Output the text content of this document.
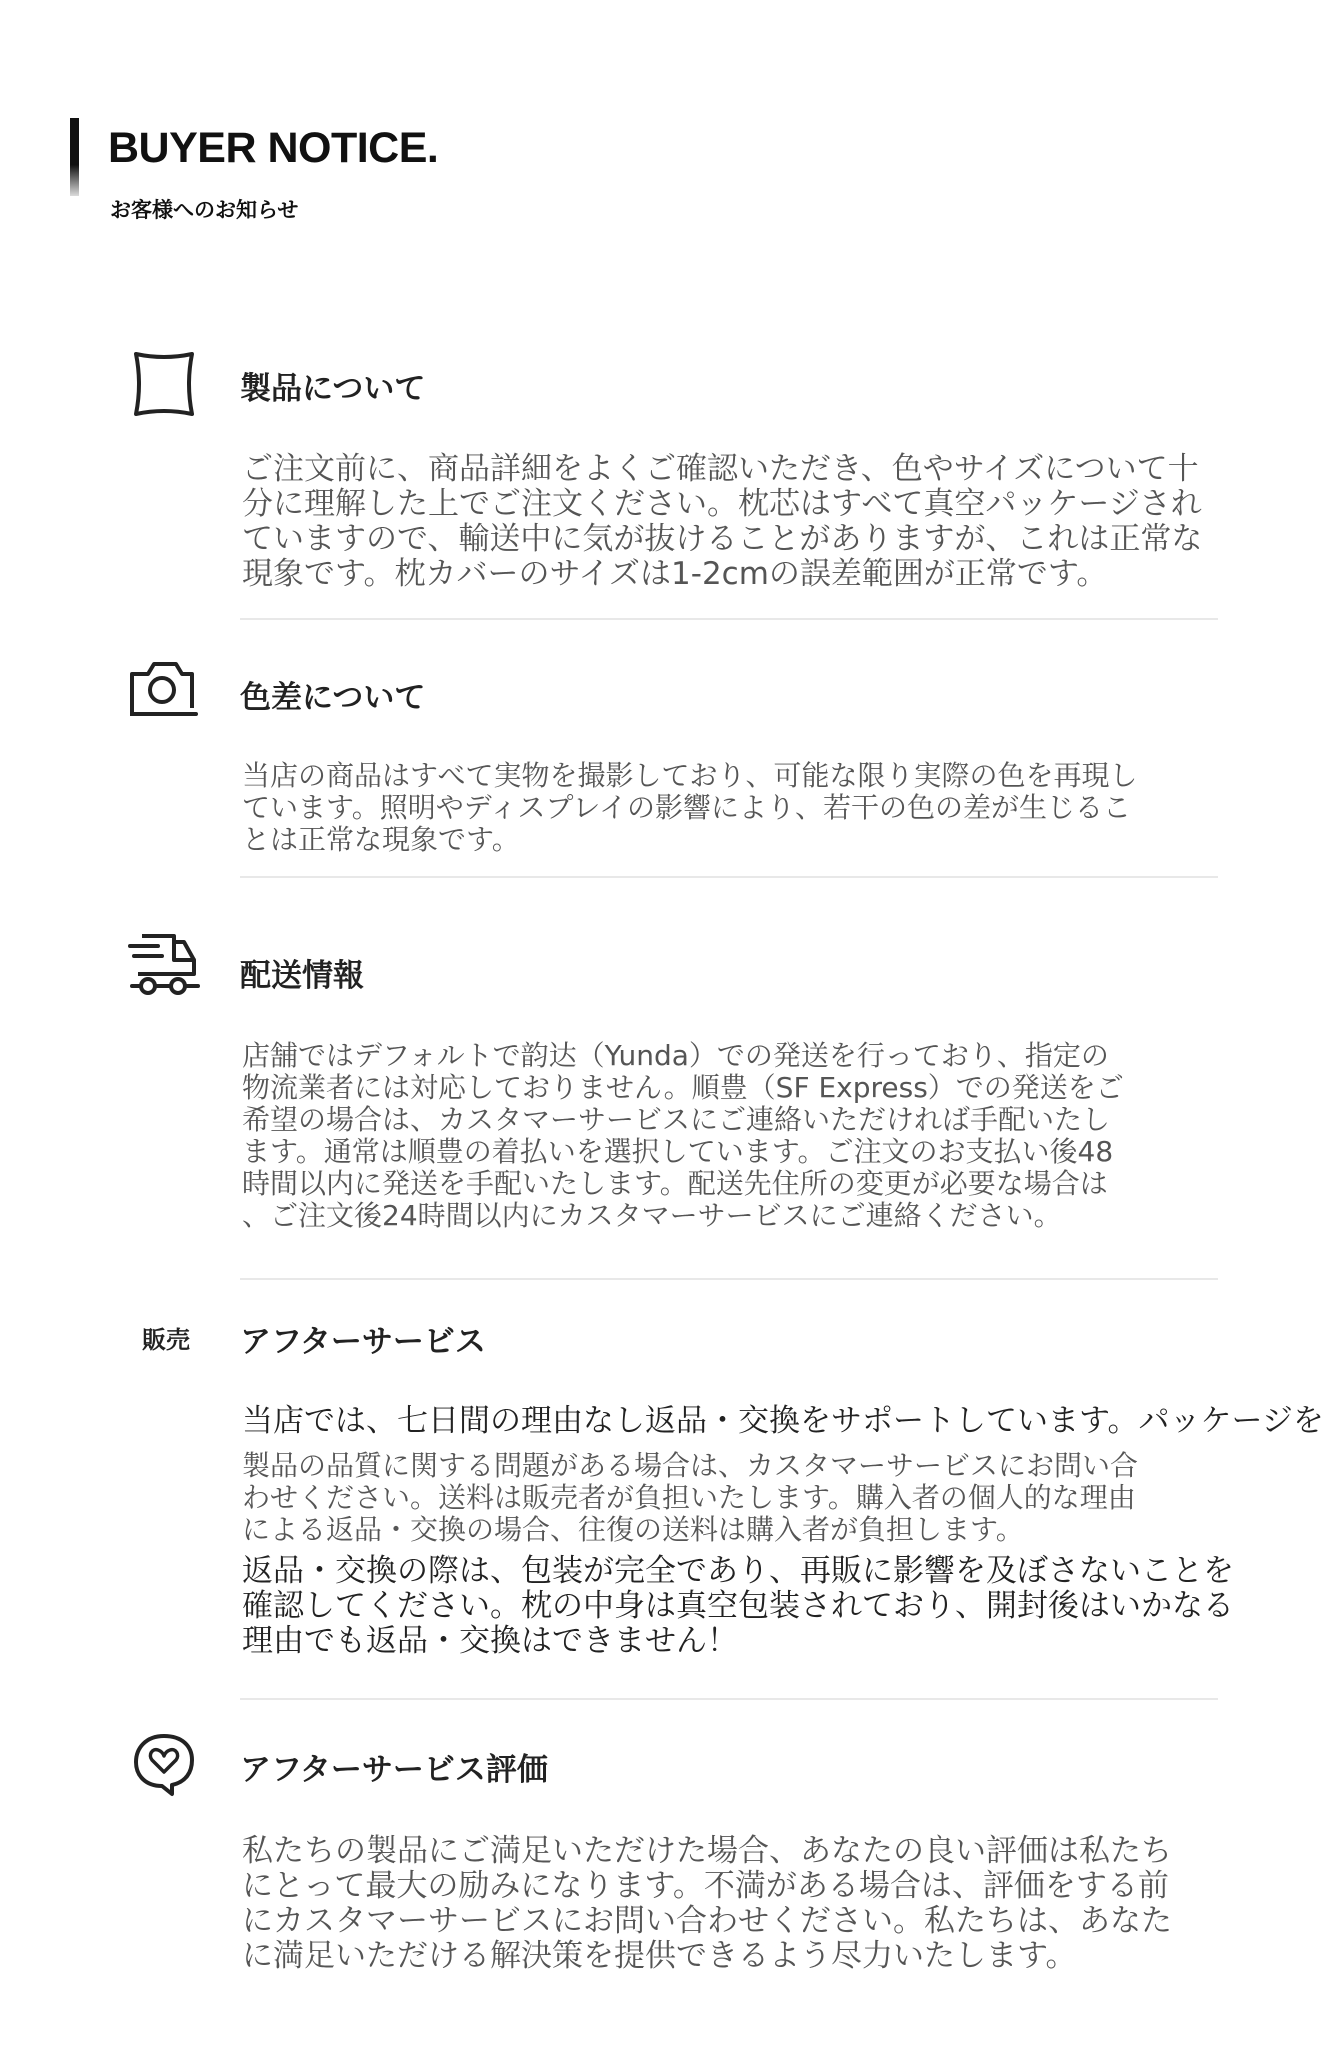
BUYER NOTICE.
お客様へのお知らせ
製品について
ご注文前に、商品詳細をよくご確認いただき、色やサイズについて十
分に理解した上でご注文ください。枕芯はすべて真空パッケージされ
ていますので、輸送中に気が抜けることがありますが、これは正常な
現象です。枕カバーのサイズは1-2cmの誤差範囲が正常です。
色差について
当店の商品はすべて実物を撮影しており、可能な限り実際の色を再現し
ています。照明やディスプレイの影響により、若干の色の差が生じるこ
とは正常な現象です。
配送情報
店舗ではデフォルトで韵达（Yunda）での発送を行っており、指定の
物流業者には対応しておりません。順豊（SF Express）での発送をご
希望の場合は、カスタマーサービスにご連絡いただければ手配いたし
ます。通常は順豊の着払いを選択しています。ご注文のお支払い後48
時間以内に発送を手配いたします。配送先住所の変更が必要な場合は
、ご注文後24時間以内にカスタマーサービスにご連絡ください。
販売 アフターサービス
当店では、七日間の理由なし返品・交換をサポートしています。パッケージを
製品の品質に関する問題がある場合は、カスタマーサービスにお問い合
わせください。送料は販売者が負担いたします。購入者の個人的な理由
による返品・交換の場合、往復の送料は購入者が負担します。
返品・交換の際は、包装が完全であり、再販に影響を及ぼさないことを
確認してください。枕の中身は真空包装されており、開封後はいかなる
理由でも返品・交換はできません！
アフターサービス評価
私たちの製品にご満足いただけた場合、あなたの良い評価は私たち
にとって最大の励みになります。不満がある場合は、評価をする前
にカスタマーサービスにお問い合わせください。私たちは、あなた
に満足いただける解決策を提供できるよう尽力いたします。
